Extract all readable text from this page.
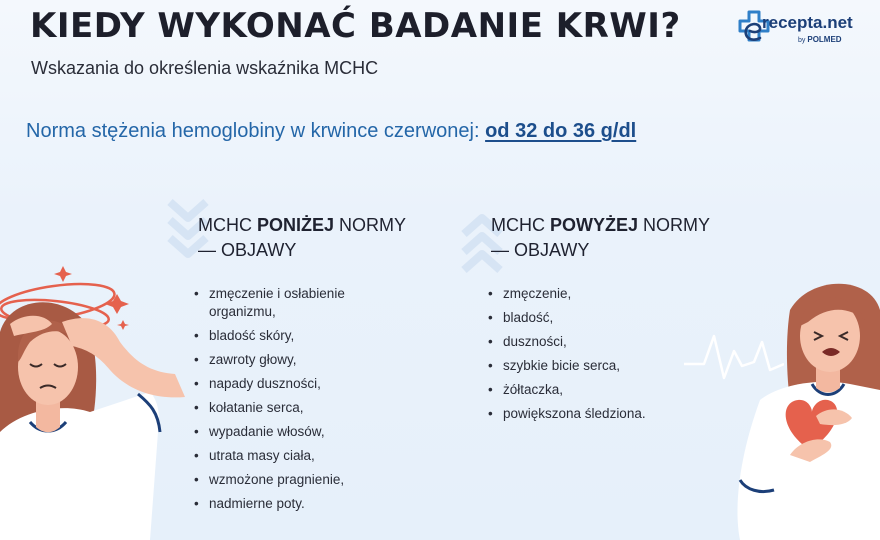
KIEDY WYKONAĆ BADANIE KRWI?
Wskazania do określenia wskaźnika MCHC
recepta.net
by POLMED
Norma stężenia hemoglobiny w krwince czerwonej: od 32 do 36 g/dl
MCHC PONIŻEJ NORMY
— OBJAWY
• zmęczenie i osłabienie organizmu,
• bladość skóry,
• zawroty głowy,
• napady duszności,
• kołatanie serca,
• wypadanie włosów,
• utrata masy ciała,
• wzmożone pragnienie,
• nadmierne poty.
MCHC POWYŻEJ NORMY
— OBJAWY
• zmęczenie,
• bladość,
• duszności,
• szybkie bicie serca,
• żółtaczka,
• powiększona śledziona.
